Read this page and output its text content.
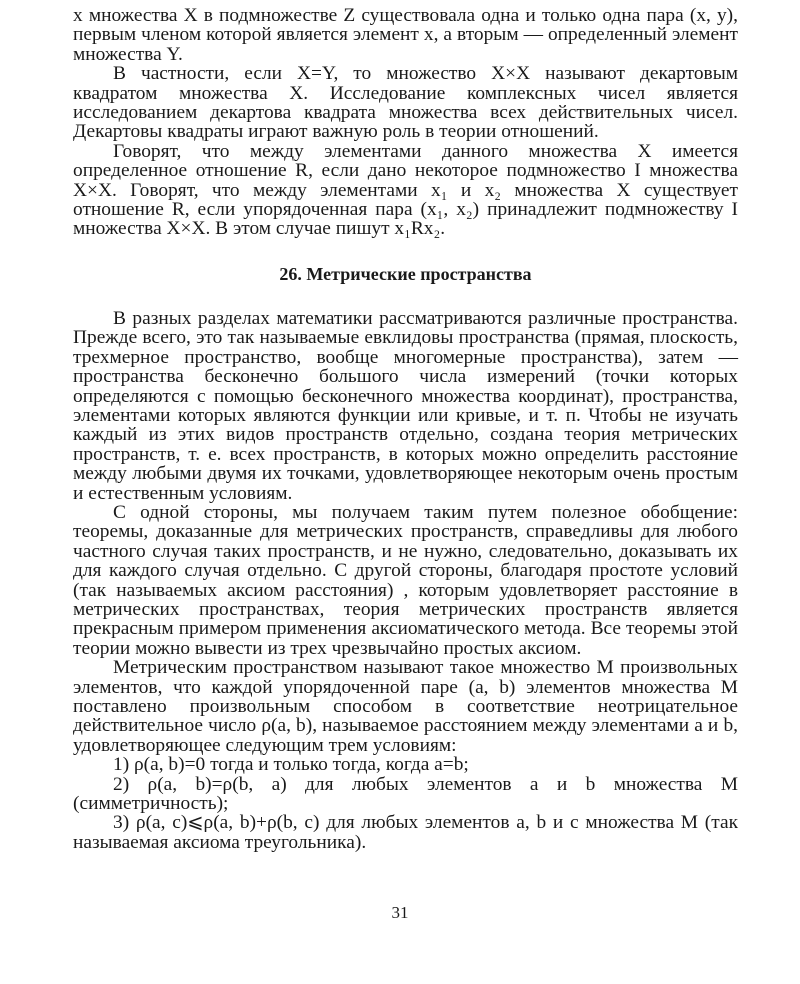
x множества X в подмножестве Z существовала одна и только одна пара (x, y), первым членом которой является элемент x, а вторым — определенный элемент множества Y.

В частности, если X=Y, то множество X×X называют декартовым квадратом множества X. Исследование комплексных чисел является исследованием декартова квадрата множества всех действительных чисел. Декартовы квадраты играют важную роль в теории отношений.

Говорят, что между элементами данного множества X имеется определенное отношение R, если дано некоторое подмножество I множества X×X. Говорят, что между элементами x₁ и x₂ множества X существует отношение R, если упорядоченная пара (x₁, x₂) принадлежит подмножеству I множества X×X. В этом случае пишут x₁Rx₂.

26. Метрические пространства

В разных разделах математики рассматриваются различные пространства. Прежде всего, это так называемые евклидовы пространства (прямая, плоскость, трехмерное пространство, вообще многомерные пространства), затем — пространства бесконечно большого числа измерений (точки которых определяются с помощью бесконечного множества координат), пространства, элементами которых являются функции или кривые, и т. п. Чтобы не изучать каждый из этих видов пространств отдельно, создана теория метрических пространств, т. е. всех пространств, в которых можно определить расстояние между любыми двумя их точками, удовлетворяющее некоторым очень простым и естественным условиям.

С одной стороны, мы получаем таким путем полезное обобщение: теоремы, доказанные для метрических пространств, справедливы для любого частного случая таких пространств, и не нужно, следовательно, доказывать их для каждого случая отдельно. С другой стороны, благодаря простоте условий (так называемых аксиом расстояния) , которым удовлетворяет расстояние в метрических пространствах, теория метрических пространств является прекрасным примером применения аксиоматического метода. Все теоремы этой теории можно вывести из трех чрезвычайно простых аксиом.

Метрическим пространством называют такое множество M произвольных элементов, что каждой упорядоченной паре (a, b) элементов множества M поставлено произвольным способом в соответствие неотрицательное действительное число ρ(a, b), называемое расстоянием между элементами a и b, удовлетворяющее следующим трем условиям:

1) ρ(a, b)=0 тогда и только тогда, когда a=b;

2) ρ(a, b)=ρ(b, a) для любых элементов a и b множества M (симметричность);

3) ρ(a, c)⩽ρ(a, b)+ρ(b, c) для любых элементов a, b и c множества M (так называемая аксиома треугольника).

31
